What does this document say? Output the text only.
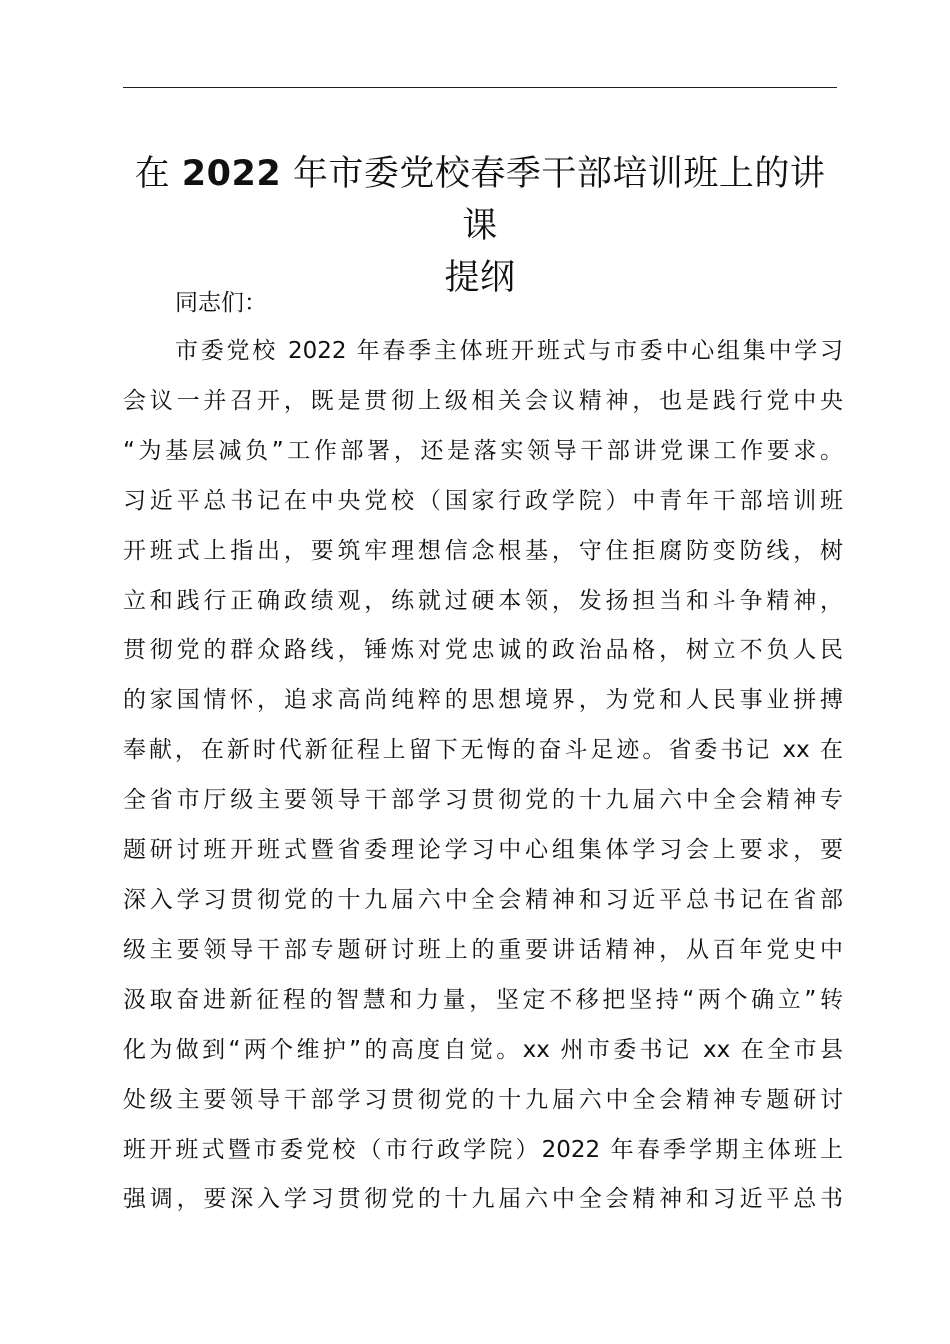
在 2022 年市委党校春季干部培训班上的讲课
提纲

同志们：

市委党校 2022 年春季主体班开班式与市委中心组集中学习
会议一并召开，既是贯彻上级相关会议精神，也是践行党中央
“为基层减负”工作部署，还是落实领导干部讲党课工作要求。
习近平总书记在中央党校（国家行政学院）中青年干部培训班
开班式上指出，要筑牢理想信念根基，守住拒腐防变防线，树
立和践行正确政绩观，练就过硬本领，发扬担当和斗争精神，
贯彻党的群众路线，锤炼对党忠诚的政治品格，树立不负人民
的家国情怀，追求高尚纯粹的思想境界，为党和人民事业拼搏
奉献，在新时代新征程上留下无悔的奋斗足迹。省委书记 xx 在
全省市厅级主要领导干部学习贯彻党的十九届六中全会精神专
题研讨班开班式暨省委理论学习中心组集体学习会上要求，要
深入学习贯彻党的十九届六中全会精神和习近平总书记在省部
级主要领导干部专题研讨班上的重要讲话精神，从百年党史中
汲取奋进新征程的智慧和力量，坚定不移把坚持“两个确立”转
化为做到“两个维护”的高度自觉。xx 州市委书记 xx 在全市县
处级主要领导干部学习贯彻党的十九届六中全会精神专题研讨
班开班式暨市委党校（市行政学院）2022 年春季学期主体班上
强调，要深入学习贯彻党的十九届六中全会精神和习近平总书
